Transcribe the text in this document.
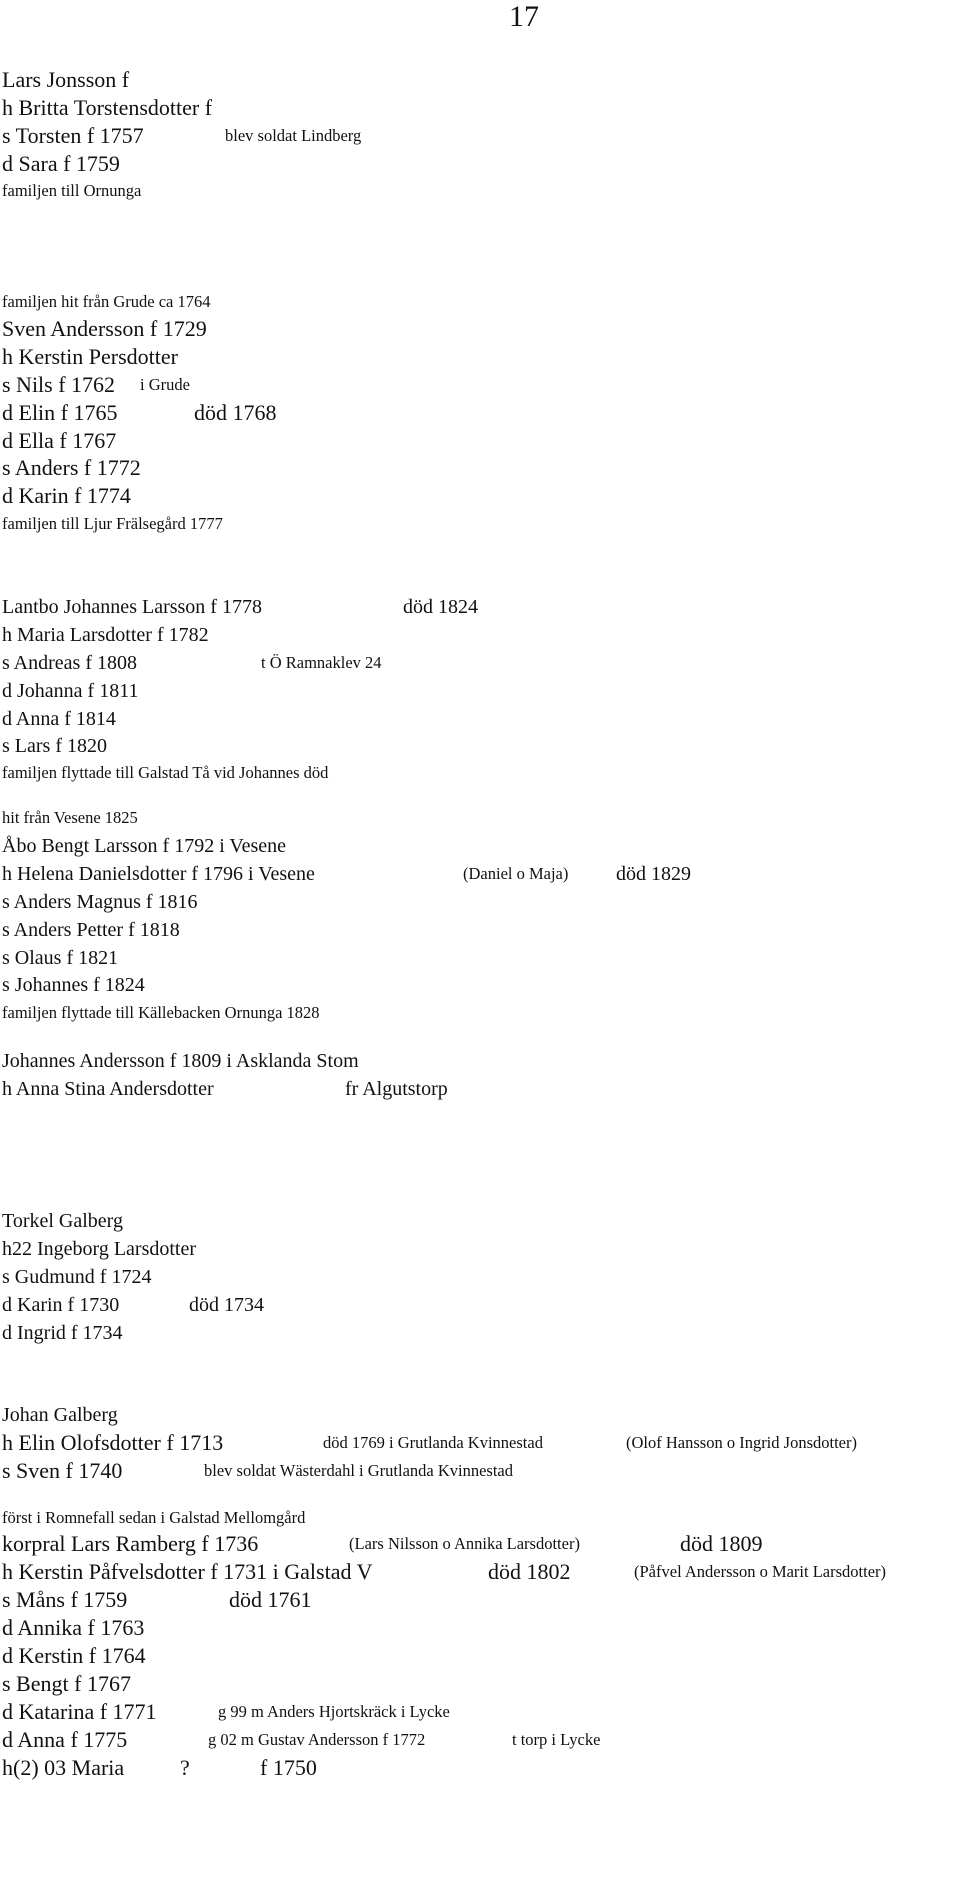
17
Lars Jonsson f
h Britta Torstensdotter f
s Torsten f 1757	blev soldat Lindberg
d Sara f 1759
familjen till Ornunga
familjen hit från Grude ca 1764
Sven Andersson f 1729
h Kerstin Persdotter
s Nils f 1762 i Grude
d Elin f 1765	död 1768
d Ella f 1767
s Anders f 1772
d Karin f 1774
familjen till Ljur Frälsegård 1777
Lantbo Johannes Larsson f 1778	död 1824
h Maria Larsdotter f 1782
s Andreas f 1808	t Ö Ramnaklev 24
d Johanna f 1811
d Anna f 1814
s Lars f 1820
familjen flyttade till Galstad Tå vid Johannes död
hit från Vesene 1825
Åbo Bengt Larsson f 1792 i Vesene
h Helena Danielsdotter f 1796 i Vesene	(Daniel o Maja) död 1829
s Anders Magnus f 1816
s Anders Petter f 1818
s Olaus f 1821
s Johannes f 1824
familjen flyttade till Källebacken Ornunga 1828
Johannes Andersson f 1809 i Asklanda Stom
h Anna Stina Andersdotter	fr Algutstorp
Torkel Galberg
h22 Ingeborg Larsdotter
s Gudmund f 1724
d Karin f 1730	död 1734
d Ingrid f 1734
Johan Galberg
h Elin Olofsdotter f 1713	död 1769 i Grutlanda Kvinnestad	(Olof Hansson o Ingrid Jonsdotter)
s Sven f 1740	blev soldat Wästerdahl i Grutlanda Kvinnestad
först i Romnefall sedan i Galstad Mellomgård
korpral Lars Ramberg f 1736	(Lars Nilsson o Annika Larsdotter)	död 1809
h Kerstin Påfvelsdotter f 1731 i Galstad V	död 1802	(Påfvel Andersson o Marit Larsdotter)
s Måns f 1759	död 1761
d Annika f 1763
d Kerstin f 1764
s Bengt f 1767
d Katarina f 1771	g 99 m Anders Hjortskräck i Lycke
d Anna f 1775	g 02 m Gustav Andersson f 1772	t torp i Lycke
h(2) 03 Maria	?	f 1750
